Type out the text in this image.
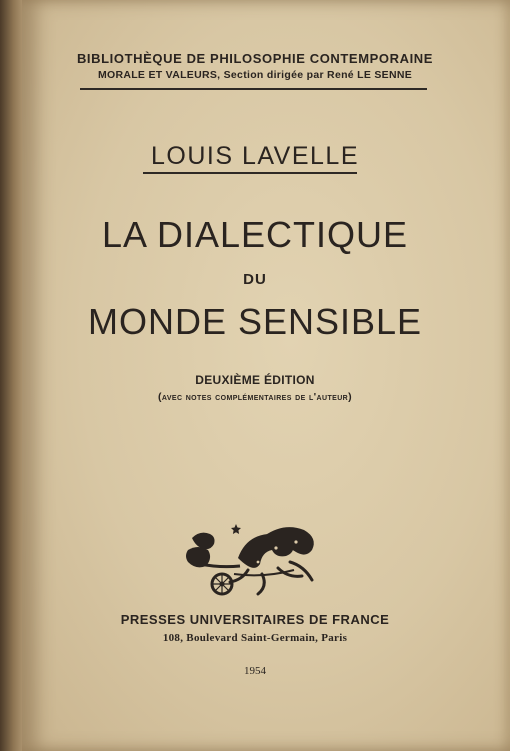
BIBLIOTHÈQUE DE PHILOSOPHIE CONTEMPORAINE
MORALE ET VALEURS, Section dirigée par René LE SENNE
LOUIS LAVELLE
LA DIALECTIQUE
DU
MONDE SENSIBLE
DEUXIÈME ÉDITION
(avec notes complémentaires de l'auteur)
PRESSES UNIVERSITAIRES DE FRANCE
108, Boulevard Saint-Germain, Paris
1954
